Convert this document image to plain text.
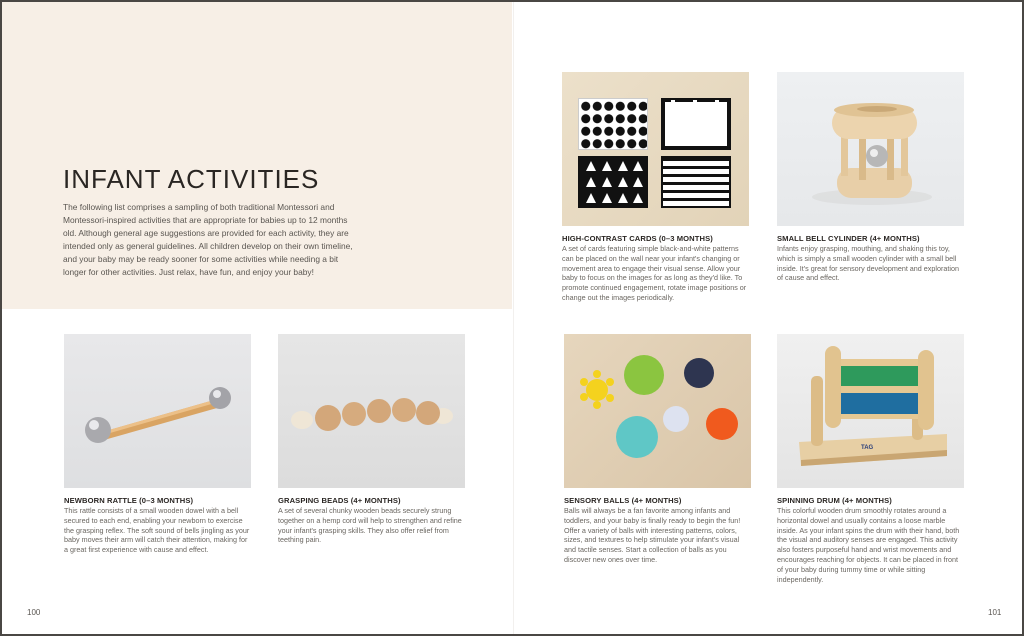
INFANT ACTIVITIES

The following list comprises a sampling of both traditional Montessori and Montessori-inspired activities that are appropriate for babies up to 12 months old. Although general age suggestions are provided for each activity, they are intended only as general guidelines. All children develop on their own timeline, and your baby may be ready sooner for some activities while needing a bit longer for other activities. Just relax, have fun, and enjoy your baby!

HIGH-CONTRAST CARDS (0–3 MONTHS)
A set of cards featuring simple black-and-white patterns can be placed on the wall near your infant's changing or movement area to engage their visual sense. Allow your baby to focus on the images for as long as they'd like. To promote continued engagement, rotate image positions or change out the images periodically.
SMALL BELL CYLINDER (4+ MONTHS)
Infants enjoy grasping, mouthing, and shaking this toy, which is simply a small wooden cylinder with a small bell inside. It's great for sensory development and exploration of cause and effect.
NEWBORN RATTLE (0–3 MONTHS)
This rattle consists of a small wooden dowel with a bell secured to each end, enabling your newborn to exercise the grasping reflex. The soft sound of bells jingling as your baby moves their arm will catch their attention, making for a great first experience with cause and effect.
GRASPING BEADS (4+ MONTHS)
A set of several chunky wooden beads securely strung together on a hemp cord will help to strengthen and refine your infant's grasping skills. They also offer relief from teething pain.
SENSORY BALLS (4+ MONTHS)
Balls will always be a fan favorite among infants and toddlers, and your baby is finally ready to begin the fun! Offer a variety of balls with interesting patterns, colors, sizes, and textures to help stimulate your infant's visual and tactile senses. Start a collection of balls as you discover new ones over time.
TAG
SPINNING DRUM (4+ MONTHS)
This colorful wooden drum smoothly rotates around a horizontal dowel and usually contains a loose marble inside. As your infant spins the drum with their hand, both the visual and auditory senses are engaged. This activity also fosters purposeful hand and wrist movements and encourages reaching for objects. It can be placed in front of your baby during tummy time or while sitting independently.
100	101
